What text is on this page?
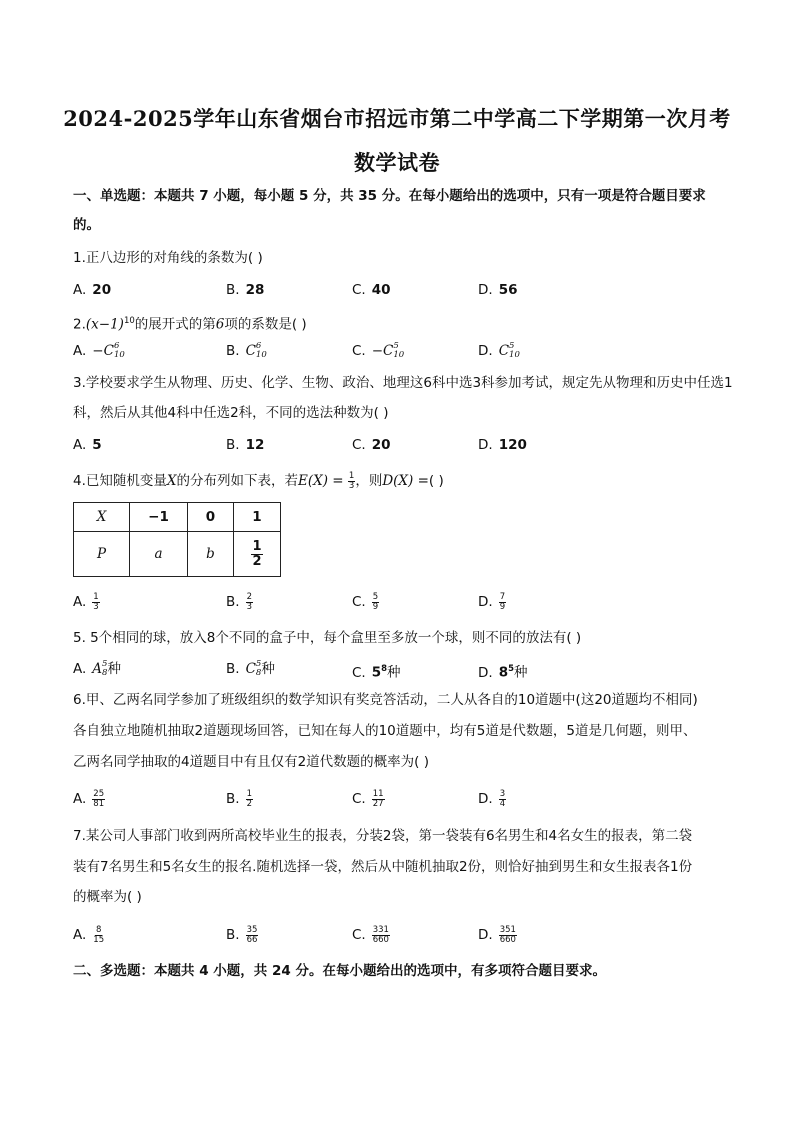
2024-2025学年山东省烟台市招远市第二中学高二下学期第一次月考
数学试卷
一、单选题：本题共 7 小题，每小题 5 分，共 35 分。在每小题给出的选项中，只有一项是符合题目要求
的。
1.正八边形的对角线的条数为( )
A. 20	B. 28	C. 40	D. 56
$2.(x-1)^{10}$的展开式的第6项的系数是( )
A. −C 6
10	B. C 6
10	C. −C 5
10	D. C 5
10
3.学校要求学生从物理、历史、化学、生物、政治、地理这6科中选3科参加考试，规定先从物理和历史中任选1
科，然后从其他4科中任选2科，不同的选法种数为( )
A. 5	B. 12	C. 20	D. 120
4.已知随机变量X的分布列如下表，若$E(X) = \frac{1}{3}$ ，则D(X) =( )
X	−1	0	1
P	a	b	$\frac{1}{2}$
A. $\frac{1}{3}$	B. $\frac{2}{3}$	C. $\frac{5}{9}$	D. $\frac{7}{9}$
5. 5个相同的球，放入8个不同的盒子中，每个盒里至多放一个球，则不同的放法有( )
A. A 5
8 种	B. C 5
8 种	C. $5^8$种	D. $8^5$种
6.甲、乙两名同学参加了班级组织的数学知识有奖竞答活动，二人从各自的10道题中(这20道题均不相同)
各自独立地随机抽取2道题现场回答，已知在每人的10道题中，均有5道是代数题，5道是几何题，则甲、
乙两名同学抽取的4道题目中有且仅有2道代数题的概率为( )
A. $\frac{25}{81}$	B. $\frac{1}{2}$	C. $\frac{11}{27}$	D. $\frac{3}{4}$
7.某公司人事部门收到两所高校毕业生的报表，分装2袋，第一袋装有6名男生和4名女生的报表，第二袋
装有7名男生和5名女生的报名.随机选择一袋，然后从中随机抽取2份，则恰好抽到男生和女生报表各1份
的概率为( )
A. $\frac{8}{15}$	B. $\frac{35}{66}$	C. $\frac{331}{660}$	D. $\frac{351}{660}$
二、多选题：本题共 4 小题，共 24 分。在每小题给出的选项中，有多项符合题目要求。
